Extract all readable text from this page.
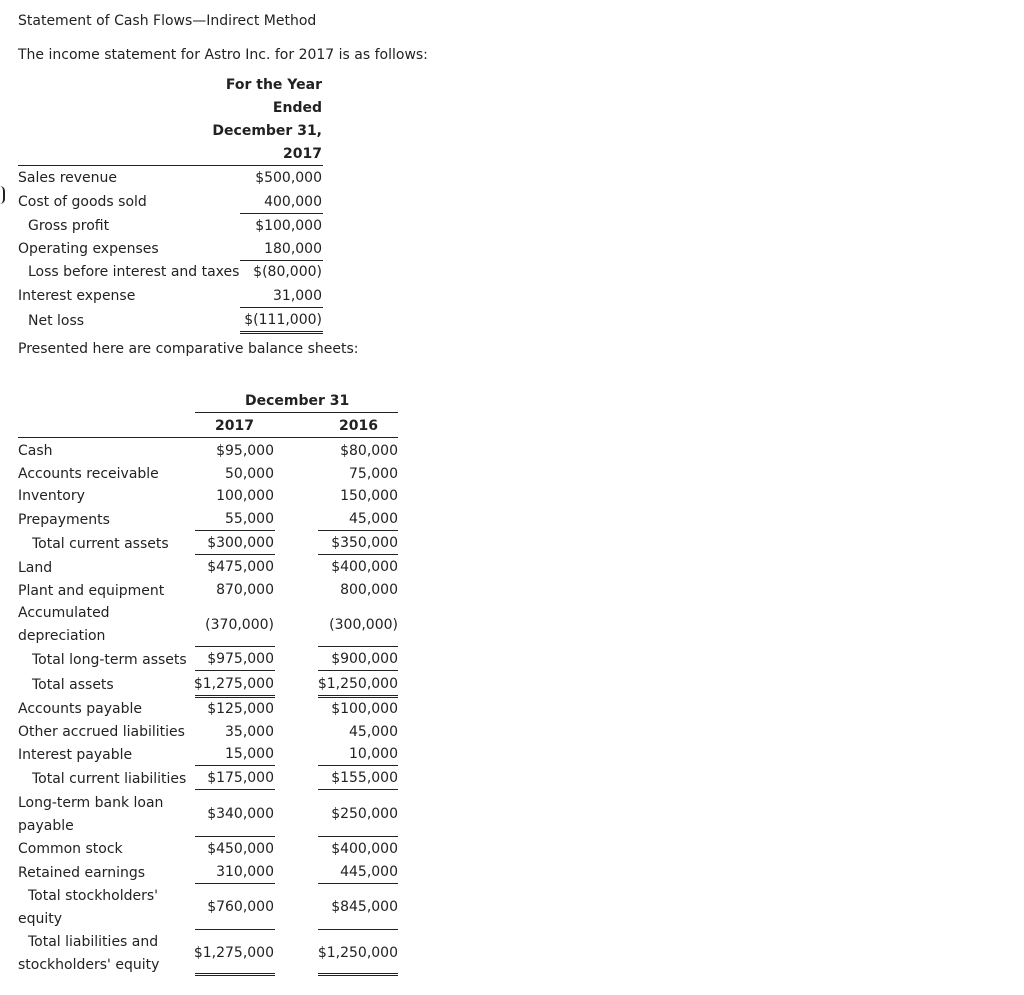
Statement of Cash Flows—Indirect Method
The income statement for Astro Inc. for 2017 is as follows:
For the Year
Ended
December 31,
2017
Sales revenue	$500,000
Cost of goods sold	400,000
Gross profit	$100,000
Operating expenses	180,000
Loss before interest and taxes $(80,000)
Interest expense	31,000
Net loss	$(111,000)
Presented here are comparative balance sheets:
December 31
2017	2016
Cash	$95,000	$80,000
Accounts receivable	50,000	75,000
Inventory	100,000	150,000
Prepayments	55,000	45,000
Total current assets	$300,000	$350,000
Land	$475,000	$400,000
Plant and equipment	870,000	800,000
Accumulated
depreciation
(370,000)	(300,000)
Total long-term assets	$975,000	$900,000
Total assets	$1,275,000	$1,250,000
Accounts payable	$125,000	$100,000
Other accrued liabilities	35,000	45,000
Interest payable	15,000	10,000
Total current liabilities	$175,000	$155,000
Long-term bank loan
payable
$340,000	$250,000
Common stock	$450,000	$400,000
Retained earnings	310,000	445,000
Total stockholders'
equity
$760,000	$845,000
Total liabilities and
stockholders' equity
$1,275,000	$1,250,000
